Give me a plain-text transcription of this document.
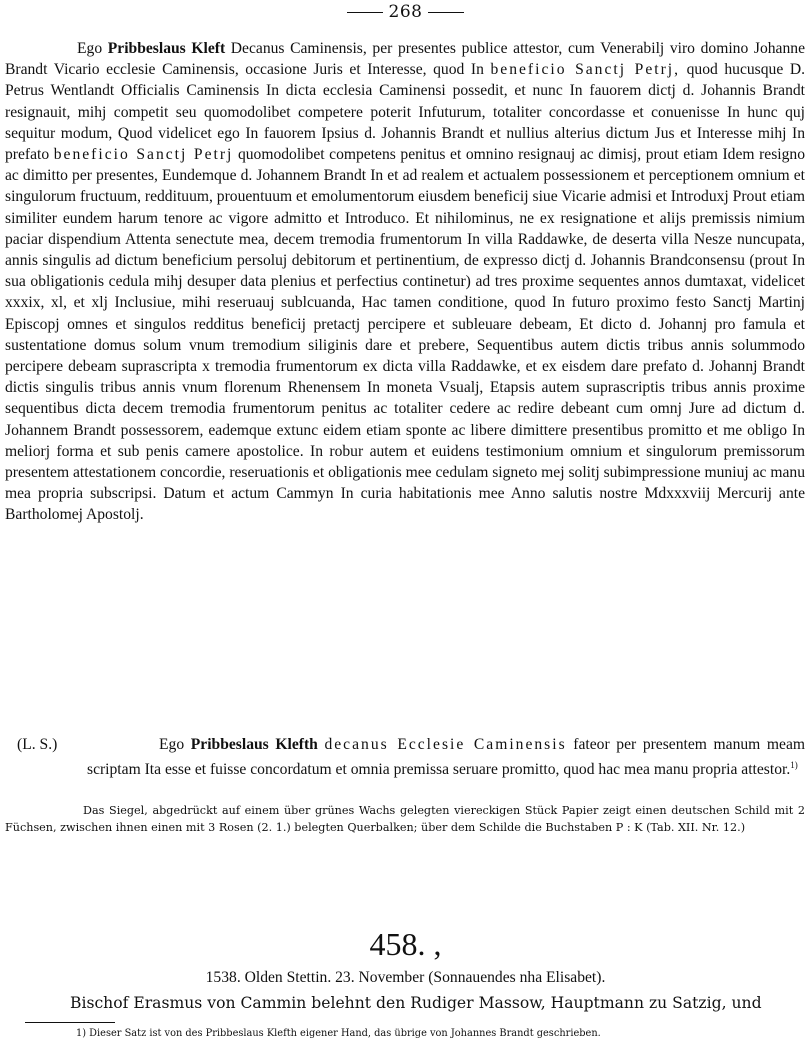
268

Ego Pribbeslaus Kleft Decanus Caminensis, per presentes publice attestor, cum Venerabilj viro domino Johanne Brandt Vicario ecclesie Caminensis, occasione Juris et Interesse, quod In beneficio Sanctj Petrj, quod hucusque D. Petrus Wentlandt Officialis Caminensis In dicta ecclesia Caminensi possedit, et nunc In fauorem dictj d. Johannis Brandt resignauit, mihj competit seu quomodolibet competere poterit Infuturum, totaliter concordasse et conuenisse In hunc quj sequitur modum, Quod videlicet ego In fauorem Ipsius d. Johannis Brandt et nullius alterius dictum Jus et Interesse mihj In prefato beneficio Sanctj Petrj quomodolibet competens penitus et omnino resignauj ac dimisj, prout etiam Idem resigno ac dimitto per presentes, Eundemque d. Johannem Brandt In et ad realem et actualem possessionem et perceptionem omnium et singulorum fructuum, reddituum, prouentuum et emolumentorum eiusdem beneficij siue Vicarie admisi et Introduxj Prout etiam similiter eundem harum tenore ac vigore admitto et Introduco. Et nihilominus, ne ex resignatione et alijs premissis nimium paciar dispendium Attenta senectute mea, decem tremodia frumentorum In villa Raddawke, de deserta villa Nesze nuncupata, annis singulis ad dictum beneficium persoluj debitorum et pertinentium, de expresso dictj d. Johannis Brandconsensu (prout In sua obligationis cedula mihj desuper data plenius et perfectius continetur) ad tres proxime sequentes annos dumtaxat, videlicet xxxix, xl, et xlj Inclusiue, mihi reseruauj sublcuanda, Hac tamen conditione, quod In futuro proximo festo Sanctj Martinj Episcopj omnes et singulos redditus beneficij pretactj percipere et subleuare debeam, Et dicto d. Johannj pro famula et sustentatione domus solum vnum tremodium siliginis dare et prebere, Sequentibus autem dictis tribus annis solummodo percipere debeam suprascripta x tremodia frumentorum ex dicta villa Raddawke, et ex eisdem dare prefato d. Johannj Brandt dictis singulis tribus annis vnum florenum Rhenensem In moneta Vsualj, Etapsis autem suprascriptis tribus annis proxime sequentibus dicta decem tremodia frumentorum penitus ac totaliter cedere ac redire debeant cum omnj Jure ad dictum d. Johannem Brandt possessorem, eademque extunc eidem etiam sponte ac libere dimittere presentibus promitto et me obligo In meliorj forma et sub penis camere apostolice. In robur autem et euidens testimonium omnium et singulorum premissorum presentem attestationem concordie, reseruationis et obligationis mee cedulam signeto mej solitj subimpressione muniuj ac manu mea propria subscripsi. Datum et actum Cammyn In curia habitationis mee Anno salutis nostre Mdxxxviij Mercurij ante Bartholomej Apostolj.

(L. S.)	Ego Pribbeslaus Klefth decanus Ecclesie Caminensis fateor per presentem manum meam scriptam Ita esse et fuisse concordatum et omnia premissa seruare promitto, quod hac mea manu propria attestor.$^{1)}$
Das Siegel, abgedrückt auf einem über grünes Wachs gelegten viereckigen Stück Papier zeigt einen deutschen Schild mit 2 Füchsen, zwischen ihnen einen mit 3 Rosen (2. 1.) belegten Querbalken; über dem Schilde die Buchstaben P : K (Tab. XII. Nr. 12.)
458. ,
1538. Olden Stettin. 23. November (Sonnauendes nha Elisabet).
Bischof Erasmus von Cammin belehnt den Rudiger Massow, Hauptmann zu Satzig, und
1) Dieser Satz ist von des Pribbeslaus Klefth eigener Hand, das übrige von Johannes Brandt geschrieben.
